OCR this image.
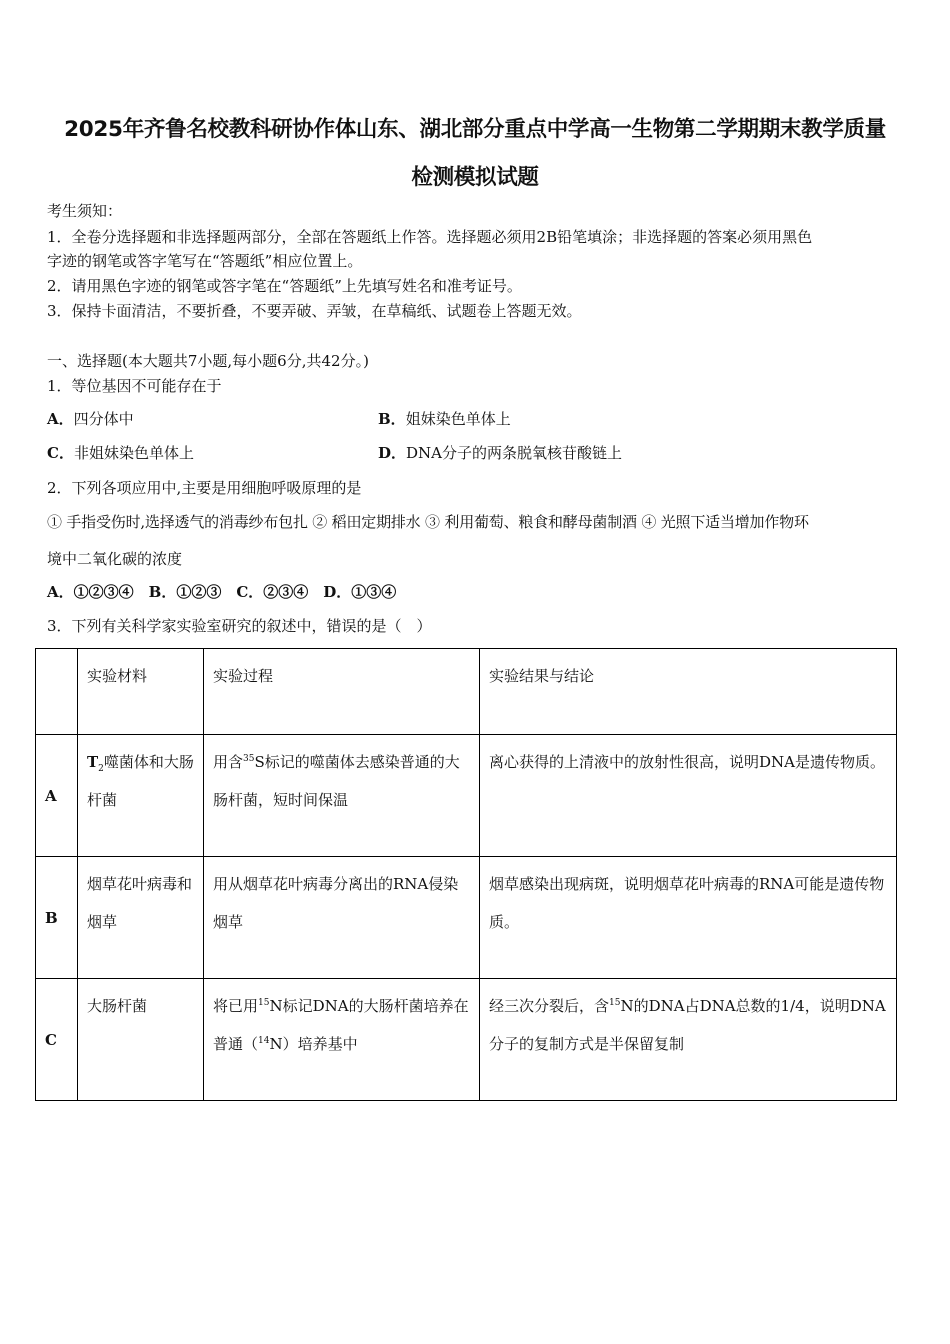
2025年齐鲁名校教科研协作体山东、湖北部分重点中学高一生物第二学期期末教学质量
检测模拟试题
考生须知：
1．全卷分选择题和非选择题两部分，全部在答题纸上作答。选择题必须用2B铅笔填涂；非选择题的答案必须用黑色
字迹的钢笔或答字笔写在“答题纸”相应位置上。
2．请用黑色字迹的钢笔或答字笔在“答题纸”上先填写姓名和准考证号。
3．保持卡面清洁，不要折叠，不要弄破、弄皱，在草稿纸、试题卷上答题无效。
一、选择题(本大题共7小题,每小题6分,共42分。)
1．等位基因不可能存在于
A．四分体中	B．姐妹染色单体上
C．非姐妹染色单体上	D．DNA分子的两条脱氧核苷酸链上
2．下列各项应用中,主要是用细胞呼吸原理的是
① 手指受伤时,选择透气的消毒纱布包扎 ② 稻田定期排水 ③ 利用葡萄、粮食和酵母菌制酒 ④ 光照下适当增加作物环
境中二氧化碳的浓度
A．①②③④　B．①②③　C．②③④　D．①③④
3．下列有关科学家实验室研究的叙述中，错误的是（　）
	实验材料	实验过程	实验结果与结论
A	$T_2$噬菌体和大肠杆菌	用含$^{35}$S标记的噬菌体去感染普通的大肠杆菌，短时间保温	离心获得的上清液中的放射性很高，说明DNA是遗传物质。
B	烟草花叶病毒和烟草	用从烟草花叶病毒分离出的RNA侵染烟草	烟草感染出现病斑，说明烟草花叶病毒的RNA可能是遗传物质。
C	大肠杆菌	将已用$^{15}$N标记DNA的大肠杆菌培养在普通（$^{14}$N）培养基中	经三次分裂后，含$^{15}$N的DNA占DNA总数的1/4，说明DNA分子的复制方式是半保留复制
